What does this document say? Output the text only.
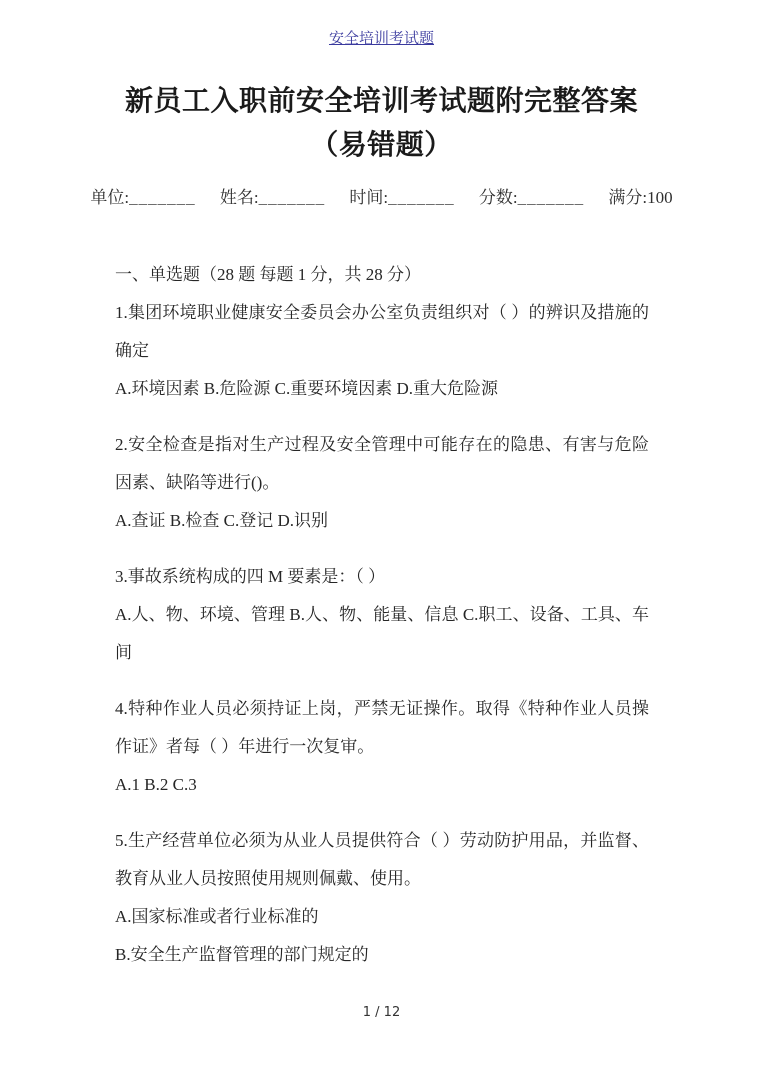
安全培训考试题
新员工入职前安全培训考试题附完整答案
（易错题）
单位:_______ 姓名:_______ 时间:_______ 分数:_______ 满分:100

一、单选题（28 题 每题 1 分，共 28 分）

1.集团环境职业健康安全委员会办公室负责组织对（ ）的辨识及措施的确定

A.环境因素 B.危险源 C.重要环境因素 D.重大危险源

2.安全检查是指对生产过程及安全管理中可能存在的隐患、有害与危险因素、缺陷等进行()。

A.查证 B.检查 C.登记 D.识别

3.事故系统构成的四 M 要素是：（ ）

A.人、物、环境、管理 B.人、物、能量、信息 C.职工、设备、工具、车间

4.特种作业人员必须持证上岗，严禁无证操作。取得《特种作业人员操作证》者每（ ）年进行一次复审。

A.1 B.2 C.3

5.生产经营单位必须为从业人员提供符合（ ）劳动防护用品，并监督、教育从业人员按照使用规则佩戴、使用。

A.国家标准或者行业标准的

B.安全生产监督管理的部门规定的

1 / 12
